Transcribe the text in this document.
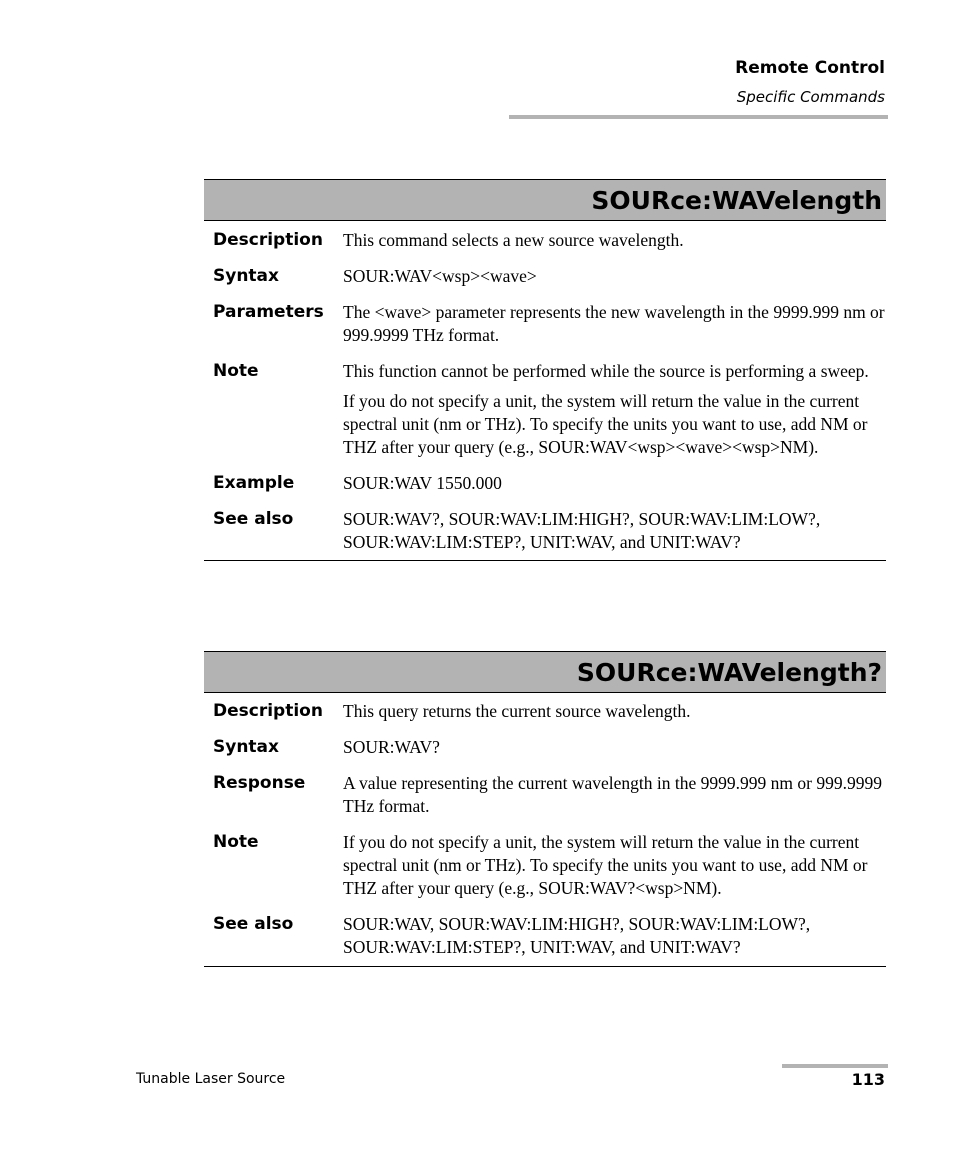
Remote Control
Specific Commands
SOURce:WAVelength
Description	This command selects a new source wavelength.

Syntax	SOUR:WAV<wsp><wave>

Parameters	The <wave> parameter represents the new wavelength in the 9999.999 nm or 999.9999 THz format.

Note	This function cannot be performed while the source is performing a sweep.

If you do not specify a unit, the system will return the value in the current spectral unit (nm or THz). To specify the units you want to use, add NM or THZ after your query (e.g., SOUR:WAV<wsp><wave><wsp>NM).

Example	SOUR:WAV 1550.000

See also	SOUR:WAV?, SOUR:WAV:LIM:HIGH?, SOUR:WAV:LIM:LOW?, SOUR:WAV:LIM:STEP?, UNIT:WAV, and UNIT:WAV?

SOURce:WAVelength?
Description	This query returns the current source wavelength.

Syntax	SOUR:WAV?

Response	A value representing the current wavelength in the 9999.999 nm or 999.9999 THz format.

Note	If you do not specify a unit, the system will return the value in the current spectral unit (nm or THz). To specify the units you want to use, add NM or THZ after your query (e.g., SOUR:WAV?<wsp>NM).

See also	SOUR:WAV, SOUR:WAV:LIM:HIGH?, SOUR:WAV:LIM:LOW?, SOUR:WAV:LIM:STEP?, UNIT:WAV, and UNIT:WAV?

Tunable Laser Source	113
